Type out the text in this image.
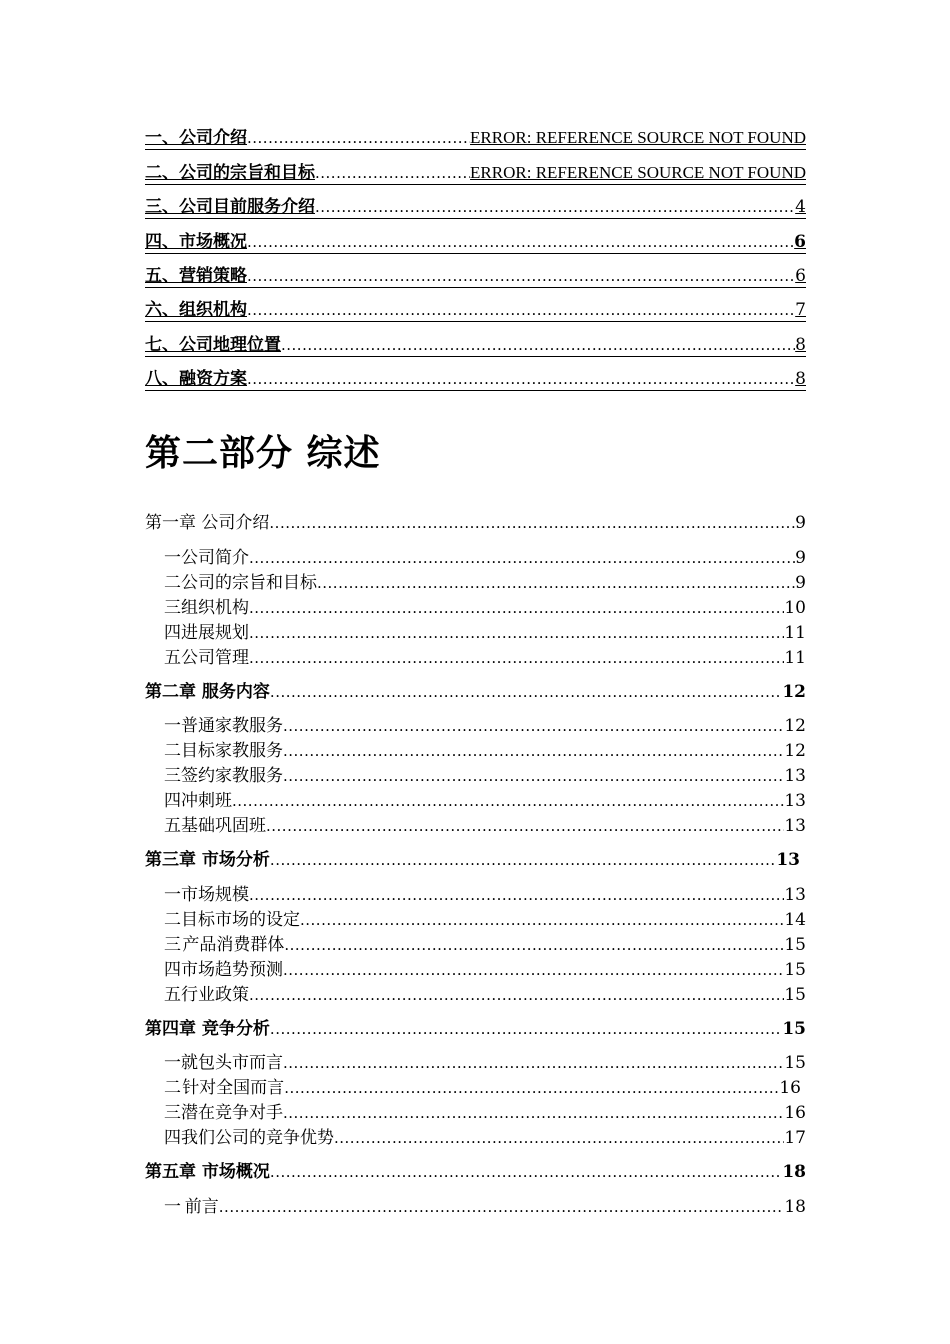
一、公司介绍 .....	ERROR: REFERENCE SOURCE NOT FOUND
二、公司的宗旨和目标 .....	ERROR: REFERENCE SOURCE NOT FOUND
三、公司目前服务介绍 .....	4
四、市场概况 .....	6
五、营销策略 .....	6
六、组织机构 .....	7
七、公司地理位置 .....	8
八、融资方案 .....	8
第二部分 综述
第一章 公司介绍 .....	9
一 公司简介 .....	9
二 公司的宗旨和目标 .....	9
三 组织机构 .....	10
四 进展规划 .....	11
五 公司管理 .....	11
第二章 服务内容 .....	12
一 普通家教服务 .....	12
二 目标家教服务 .....	12
三 签约家教服务 .....	13
四 冲刺班 .....	13
五 基础巩固班 .....	13
第三章 市场分析 .....	13
一 市场规模 .....	13
二 目标市场的设定 .....	14
三 产品消费群体 .....	15
四 市场趋势预测 .....	15
五 行业政策 .....	15
第四章 竞争分析 .....	15
一 就包头市而言 .....	15
二 针对全国而言 .....	16
三 潜在竞争对手 .....	16
四 我们公司的竞争优势 .....	17
第五章 市场概况 .....	18
一 前言 .....	18
